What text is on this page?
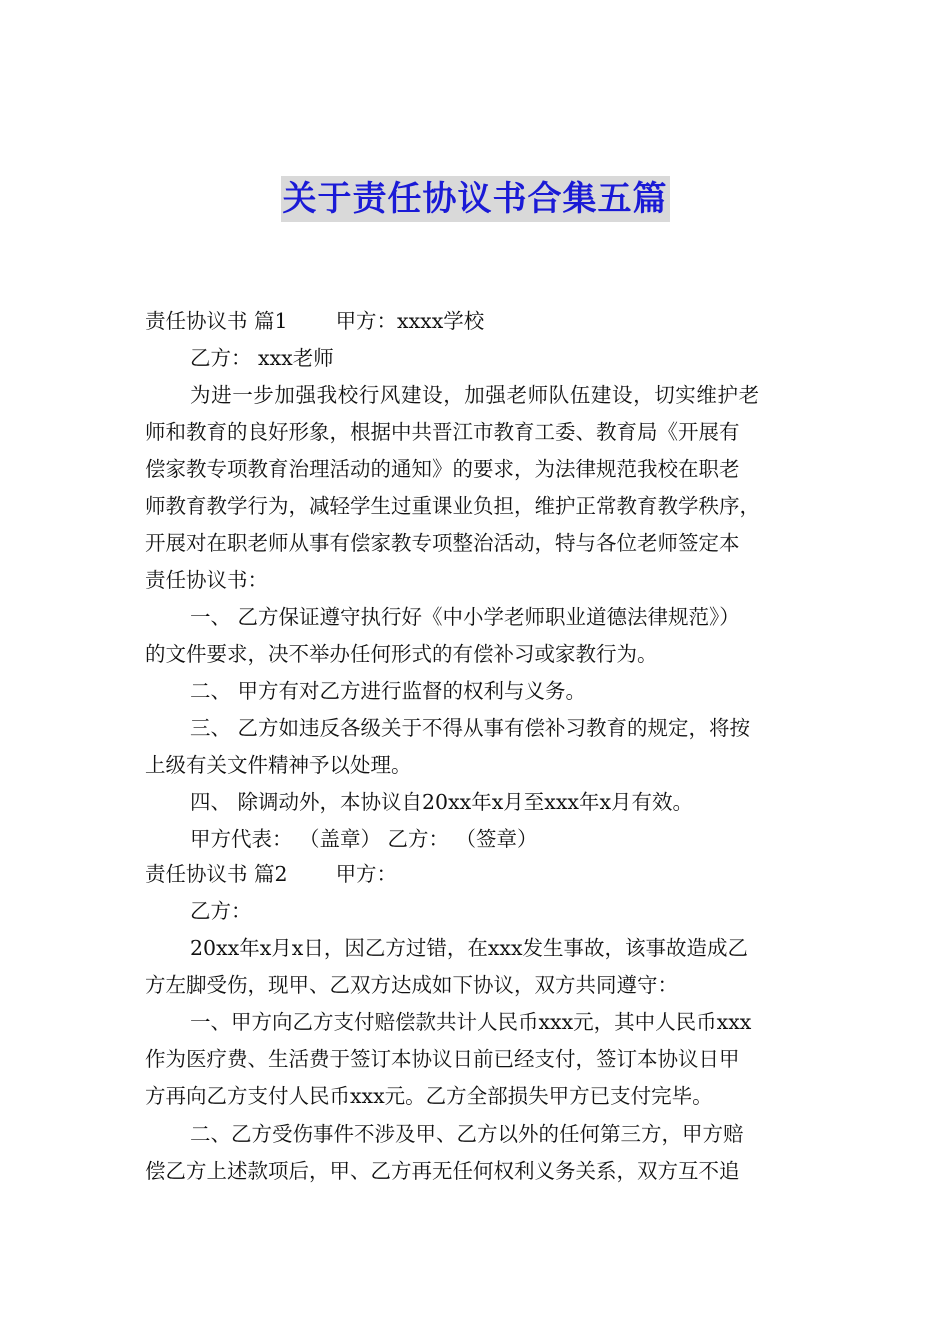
关于责任协议书合集五篇
责任协议书 篇1 甲方：xxxx学校
乙方： xxx老师
为进一步加强我校行风建设，加强老师队伍建设，切实维护老
师和教育的良好形象，根据中共晋江市教育工委、教育局《开展有
偿家教专项教育治理活动的通知》的要求，为法律规范我校在职老
师教育教学行为，减轻学生过重课业负担，维护正常教育教学秩序，
开展对在职老师从事有偿家教专项整治活动，特与各位老师签定本
责任协议书：
一、 乙方保证遵守执行好《中小学老师职业道德法律规范》）
的文件要求，决不举办任何形式的有偿补习或家教行为。
二、 甲方有对乙方进行监督的权利与义务。
三、 乙方如违反各级关于不得从事有偿补习教育的规定，将按
上级有关文件精神予以处理。
四、 除调动外，本协议自20xx年x月至xxx年x月有效。
甲方代表： （盖章） 乙方： （签章）
责任协议书 篇2 甲方：
乙方：
20xx年x月x日，因乙方过错，在xxx发生事故，该事故造成乙
方左脚受伤，现甲、乙双方达成如下协议，双方共同遵守：
一、甲方向乙方支付赔偿款共计人民币xxx元，其中人民币xxx
作为医疗费、生活费于签订本协议日前已经支付，签订本协议日甲
方再向乙方支付人民币xxx元。乙方全部损失甲方已支付完毕。
二、乙方受伤事件不涉及甲、乙方以外的任何第三方，甲方赔
偿乙方上述款项后，甲、乙方再无任何权利义务关系，双方互不追
